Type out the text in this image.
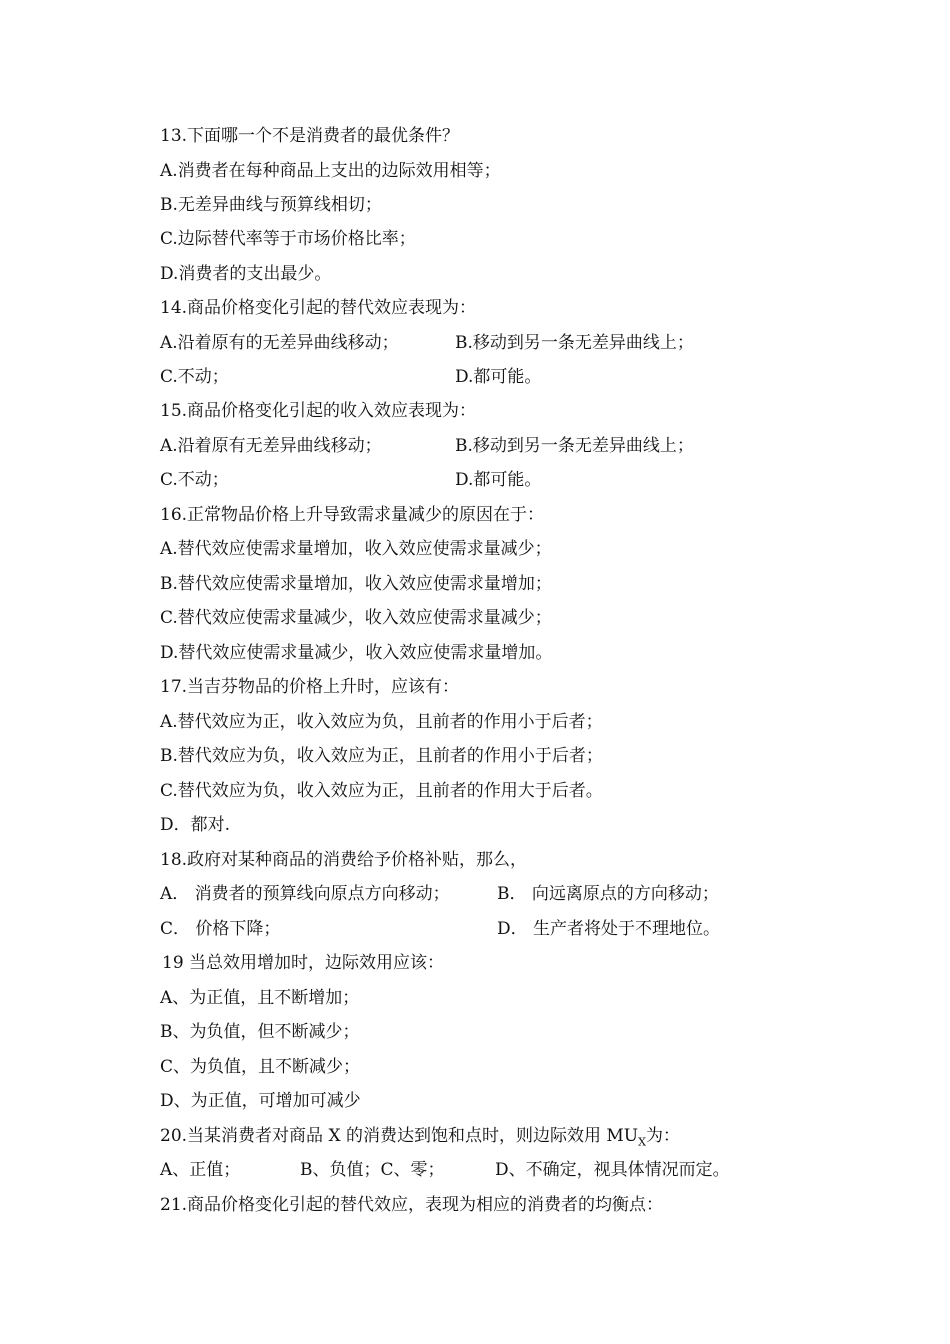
13.下面哪一个不是消费者的最优条件？
A.消费者在每种商品上支出的边际效用相等；
B.无差异曲线与预算线相切；
C.边际替代率等于市场价格比率；
D.消费者的支出最少。
14.商品价格变化引起的替代效应表现为：
A.沿着原有的无差异曲线移动；	B.移动到另一条无差异曲线上；
C.不动；	D.都可能。
15.商品价格变化引起的收入效应表现为：
A.沿着原有无差异曲线移动；	B.移动到另一条无差异曲线上；
C.不动；	D.都可能。
16.正常物品价格上升导致需求量减少的原因在于：
A.替代效应使需求量增加，收入效应使需求量减少；
B.替代效应使需求量增加，收入效应使需求量增加；
C.替代效应使需求量减少，收入效应使需求量减少；
D.替代效应使需求量减少，收入效应使需求量增加。
17.当吉芬物品的价格上升时，应该有：
A.替代效应为正，收入效应为负，且前者的作用小于后者；
B.替代效应为负，收入效应为正，且前者的作用小于后者；
C.替代效应为负，收入效应为正，且前者的作用大于后者。
D．都对.
18.政府对某种商品的消费给予价格补贴，那么，
A． 消费者的预算线向原点方向移动；	B． 向远离原点的方向移动；
C． 价格下降；	D． 生产者将处于不理地位。
19 当总效用增加时，边际效用应该：
A、为正值，且不断增加；
B、为负值，但不断减少；
C、为负值，且不断减少；
D、为正值，可增加可减少
20.当某消费者对商品 X 的消费达到饱和点时，则边际效用 $MU_X$为：
A、正值；	B、负值；C、零；	D、不确定，视具体情况而定。
21.商品价格变化引起的替代效应，表现为相应的消费者的均衡点：
